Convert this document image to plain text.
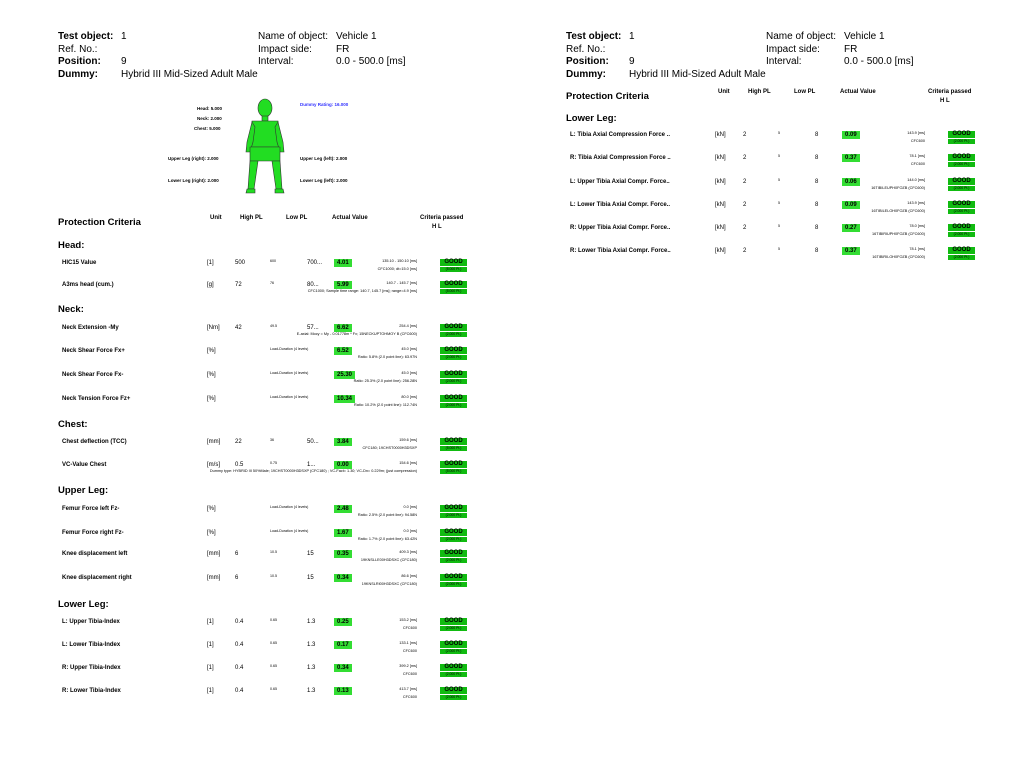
Test object: 1	Name of object: Vehicle 1
Ref. No.:	Impact side: FR
Position: 9	Interval:	0.0 - 500.0 [ms]
Dummy: Hybrid III Mid-Sized Adult Male
Head: 5.000
Neck: 2.000
Chest: 5.000
Upper Leg (right): 2.000
Lower Leg (right): 2.000
Upper Leg (left): 2.000
Lower Leg (left): 2.000
Dummy Rating: 16.000
Protection Criteria	Unit	High PL	Low PL	Actual Value	Criteria passed
H L
Head:
HIC15 Value	[1]	500	600	700...	4.01	135.10 - 150.10 [ms]
CFC1000; dt=15.0 [ms]
GOOD
(5.000 Pt.)
A3ms head (cum.)	[g]	72	76	80...	5.99	140.7 - 145.7 [ms]
CFC1000; Sample time range: 140.7, 145.7 [ms]; range=4.9 [ms]
GOOD
(5.000 Pt.)
Neck:
Neck Extension -My	[Nm]	42	49.5	57...	6.62	254.4 [ms]
E-axial: Mocy = My - 0.01778m * Fx; 15NECKUPTOHMOY B (CFC600)
GOOD
(2.000 Pt.)
Neck Shear Force Fx+	[%]	Load-Duration (4 levels)	6.52	45.0 [ms]
Ratio: 5.8% (2.0 point line): 63.97N
GOOD
(2.000 Pt.)
Neck Shear Force Fx-	[%]	Load-Duration (4 levels)	25.30	45.0 [ms]
Ratio: 25.3% (2.0 point line): 256.28N
GOOD
(2.000 Pt.)
Neck Tension Force Fz+	[%]	Load-Duration (4 levels)	10.34	80.0 [ms]
Ratio: 10.2% (2.0 point line): 112.74N
GOOD
(2.000 Pt.)
Chest:
Chest deflection (TCC)	[mm] 22	36	50...	3.84	159.6 [ms]
CFC180; 19CHST0000H3DSXP
GOOD
(5.000 Pt.)
VC-Value Chest	[m/s]	0.5	0.75	1...	0.00	154.6 [ms]
Dummy type: HYBRID III 50%Male; 19CHST0000H3DSXP (CFC180) ; VC-Fact= 1.30; VC-Dn= 0.229m; (just compression)
GOOD
(5.000 Pt.)
Upper Leg:
Femur Force left Fz-	[%]	Load-Duration (4 levels)	2.48	0.0 [ms]
Ratio: 2.5% (2.0 point line): 94.58N
GOOD
(2.000 Pt.)
Femur Force right Fz-	[%]	Load-Duration (4 levels)	1.67	0.0 [ms]
Ratio: 1.7% (2.0 point line): 63.42N
GOOD
(2.000 Pt.)
Knee displacement left	[mm] 6	10.5	15	0.35	409.3 [ms]
19KNSLLE00H3DSXC (CFC180)
GOOD
(2.000 Pt.)
Knee displacement right	[mm] 6	10.5	15	0.34	86.6 [ms]
19KNSLRI00H3DSXC (CFC180)
GOOD
(2.000 Pt.)
Lower Leg:
L: Upper Tibia-Index	[1]	0.4	0.65	1.3	0.25	153.2 [ms]
CFC600
GOOD
(2.000 Pt.)
L: Lower Tibia-Index	[1]	0.4	0.65	1.3	0.17	133.1 [ms]
CFC600
GOOD
(2.000 Pt.)
R: Upper Tibia-Index	[1]	0.4	0.65	1.3	0.34	399.2 [ms]
CFC600
GOOD
(2.000 Pt.)
R: Lower Tibia-Index	[1]	0.4	0.65	1.3	0.13	413.7 [ms]
CFC600
GOOD
(2.000 Pt.)
Test object: 1	Name of object: Vehicle 1
Ref. No.:	Impact side: FR
Position: 9	Interval:	0.0 - 500.0 [ms]
Dummy: Hybrid III Mid-Sized Adult Male
Protection Criteria	Unit	High PL	Low PL	Actual Value	Criteria passed
H L
Lower Leg:
L: Tibia Axial Compression Force ..	[kN]	2	5	8	0.09	143.9 [ms]
CFC600
GOOD
(2.000 Pt.)
R: Tibia Axial Compression Force ..	[kN]	2	5	8	0.37	78.1 [ms]
CFC600
GOOD
(2.000 Pt.)
L: Upper Tibia Axial Compr. Force..	[kN]	2	5	8	0.06	144.0 [ms]
16TIBILEUPH0FOZB (CFC600)
GOOD
(2.000 Pt.)
L: Lower Tibia Axial Compr. Force..	[kN]	2	5	8	0.09	143.9 [ms]
16TIBILELOH0FOZB (CFC600)
GOOD
(2.000 Pt.)
R: Upper Tibia Axial Compr. Force..	[kN]	2	5	8	0.27	78.0 [ms]
16TIBIRIUPH0FOZB (CFC600)
GOOD
(2.000 Pt.)
R: Lower Tibia Axial Compr. Force..	[kN]	2	5	8	0.37	78.1 [ms]
16TIBIRILOH0FOZB (CFC600)
GOOD
(2.000 Pt.)
